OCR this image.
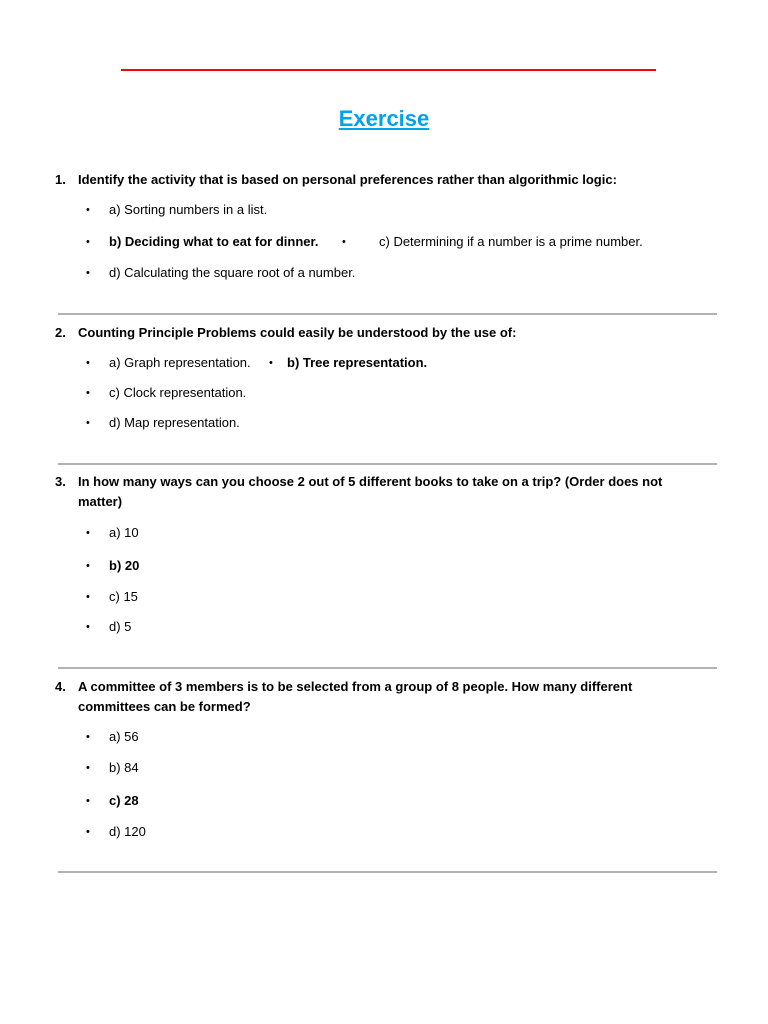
Exercise
1. Identify the activity that is based on personal preferences rather than algorithmic logic:
• a) Sorting numbers in a list.
• b) Deciding what to eat for dinner. •	c) Determining if a number is a prime number.
• d) Calculating the square root of a number.
2. Counting Principle Problems could easily be understood by the use of:
• a) Graph representation. • b) Tree representation.
• c) Clock representation.
• d) Map representation.
3. In how many ways can you choose 2 out of 5 different books to take on a trip? (Order does not matter)
• a) 10
• b) 20
• c) 15
• d) 5
4. A committee of 3 members is to be selected from a group of 8 people. How many different committees can be formed?
• a) 56
• b) 84
• c) 28
• d) 120
